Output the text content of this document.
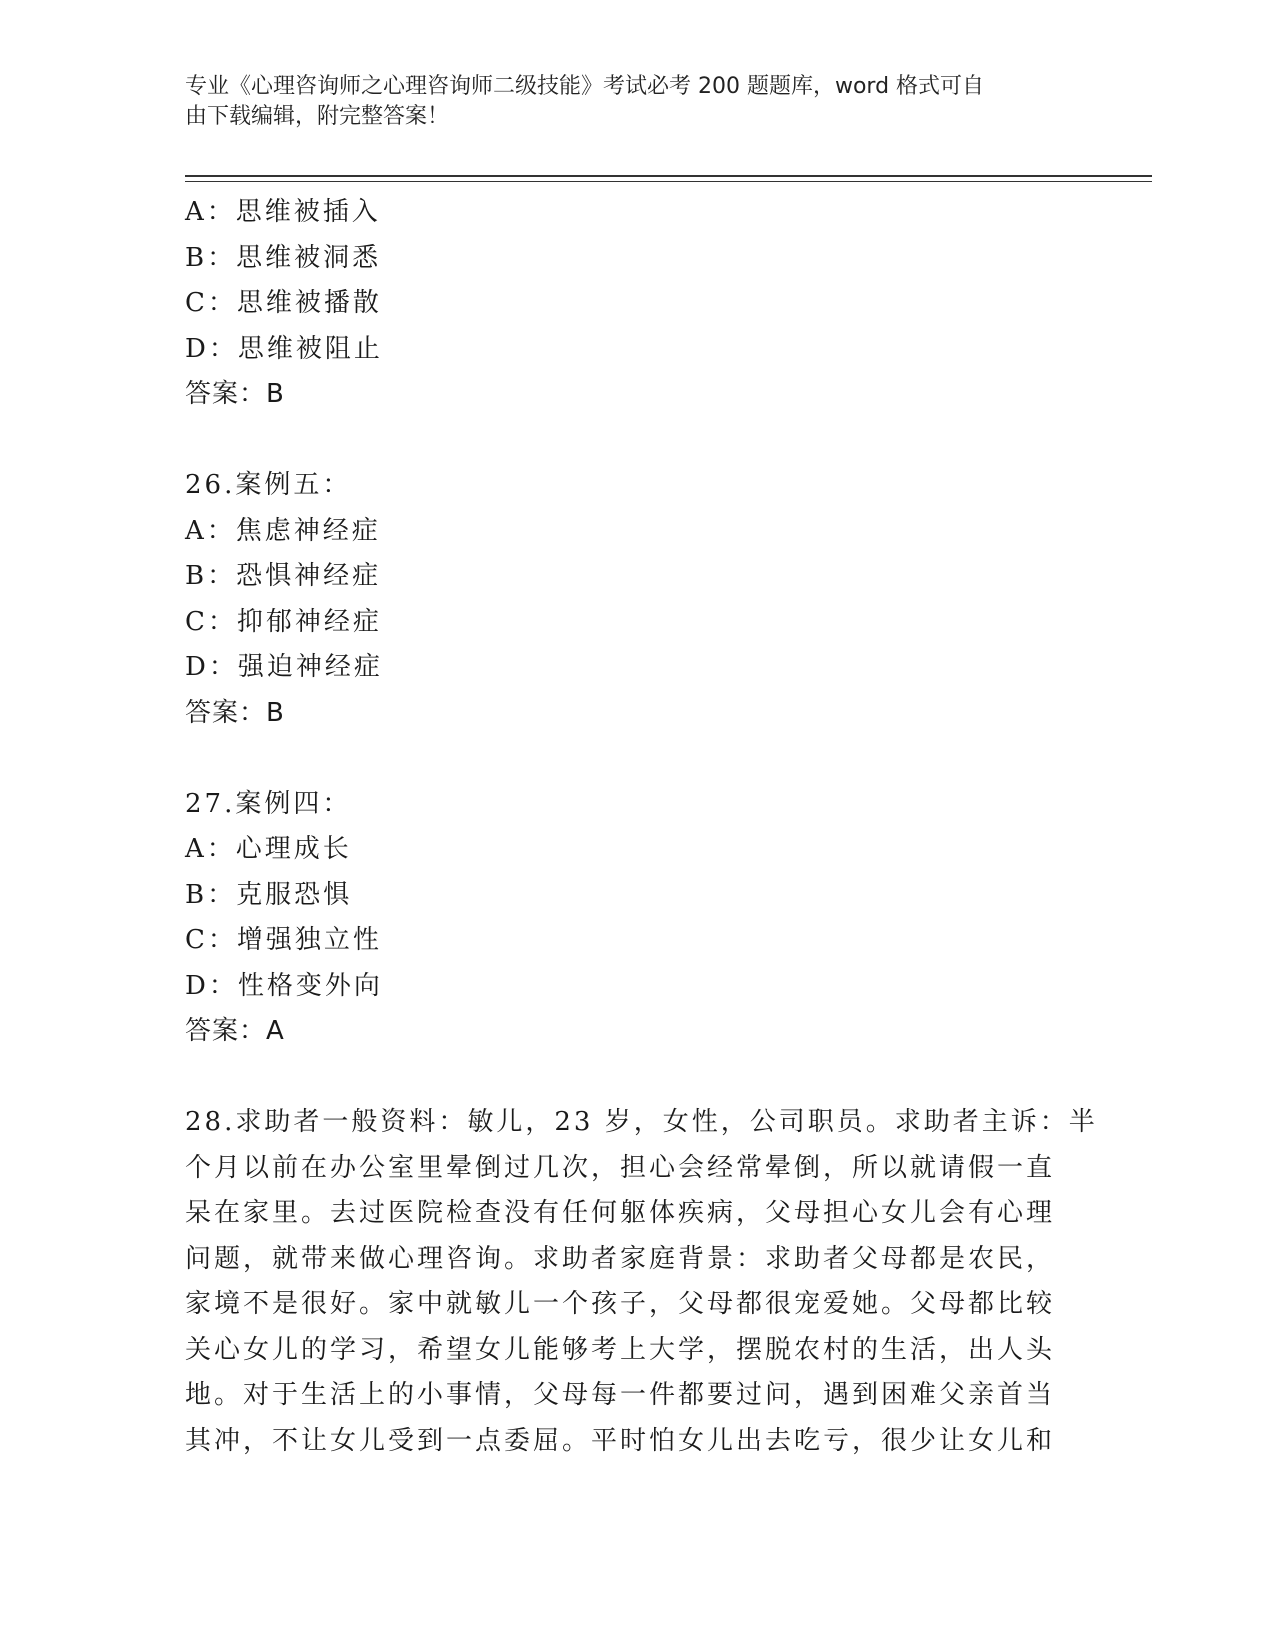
专业《心理咨询师之心理咨询师二级技能》考试必考 200 题题库，word 格式可自
由下载编辑，附完整答案！
A：思维被插入
B：思维被洞悉
C：思维被播散
D：思维被阻止
答案：B
26.案例五：
A：焦虑神经症
B：恐惧神经症
C：抑郁神经症
D：强迫神经症
答案：B
27.案例四：
A：心理成长
B：克服恐惧
C：增强独立性
D：性格变外向
答案：A
28.求助者一般资料：敏儿，23 岁，女性，公司职员。求助者主诉：半
个月以前在办公室里晕倒过几次，担心会经常晕倒，所以就请假一直
呆在家里。去过医院检查没有任何躯体疾病，父母担心女儿会有心理
问题，就带来做心理咨询。求助者家庭背景：求助者父母都是农民，
家境不是很好。家中就敏儿一个孩子，父母都很宠爱她。父母都比较
关心女儿的学习，希望女儿能够考上大学，摆脱农村的生活，出人头
地。对于生活上的小事情，父母每一件都要过问，遇到困难父亲首当
其冲，不让女儿受到一点委屈。平时怕女儿出去吃亏，很少让女儿和
